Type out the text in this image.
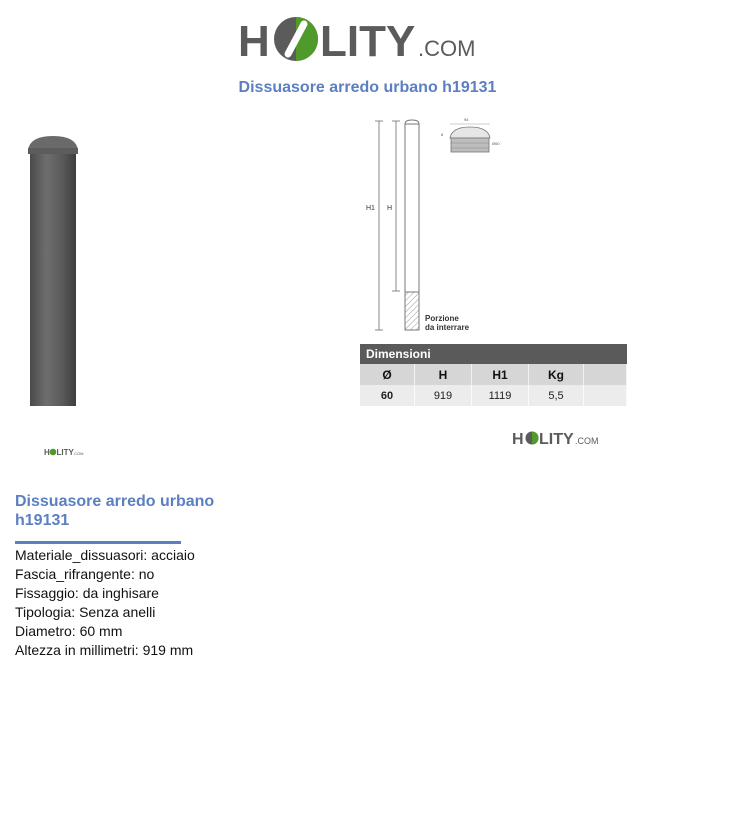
H LITY .COM
Dissuasore arredo urbano h19131
H LITY .COM
H1 H
Porzione
da interrare
94
8
Ø60
Dimensioni				
Ø	H	H1	Kg	
60	919	1119	5,5	
H LITY .COM
Dissuasore arredo urbano h19131
Materiale_dissuasori: acciaio
Fascia_rifrangente: no
Fissaggio: da inghisare
Tipologia: Senza anelli
Diametro: 60 mm
Altezza in millimetri: 919 mm
